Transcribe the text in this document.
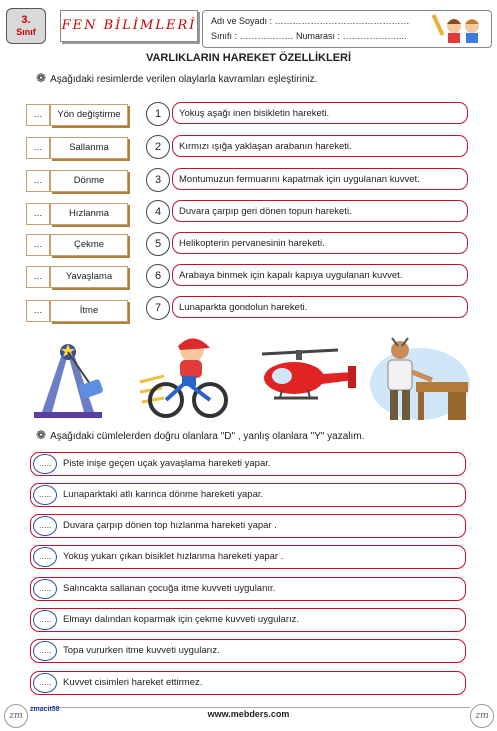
3.
Sınıf	FEN BİLİMLERİ Adı ve Soyadı : ………………………………………
Sınıfı : ……………… Numarası : ………………....
VARLIKLARIN HAREKET ÖZELLİKLERİ
❁ Aşağıdaki resimlerde verilen olaylarla kavramları eşleştiriniz.
…	Yön değiştirme
…	Sallanma
…	Dönme
…	Hızlanma
…	Çekme
…	Yavaşlama
…	İtme
1	Yokuş aşağı inen bisikletin hareketi.
2	Kırmızı ışığa yaklaşan arabanın hareketi.
3	Montumuzun fermuarını kapatmak için uygulanan kuvvet.
4	Duvara çarpıp geri dönen topun hareketi.
5	Helikopterin pervanesinin hareketi.
6	Arabaya binmek için kapalı kapıya uygulanan kuvvet.
7	Lunaparkta gondolun hareketi.
❁ Aşağıdaki cümlelerden doğru olanlara "D" , yanlış olanlara "Y" yazalım.
…..	Piste inişe geçen uçak yavaşlama hareketi yapar.
…..	Lunaparktaki atlı karınca dönme hareketi yapar.
…..	Duvara çarpıp dönen top hızlanma hareketi yapar .
…..	Yokuş yukarı çıkan bisiklet hızlanma hareketi yapar .
…..	Salıncakta sallanan çocuğa itme kuvveti uygulanır.
…..	Elmayı dalından koparmak için çekme kuvveti uygularız.
…..	Topa vururken itme kuvveti uygularız.
…..	Kuvvet cisimleri hareket ettirmez.
zmacit58	www.mebders.com
zm	zm
